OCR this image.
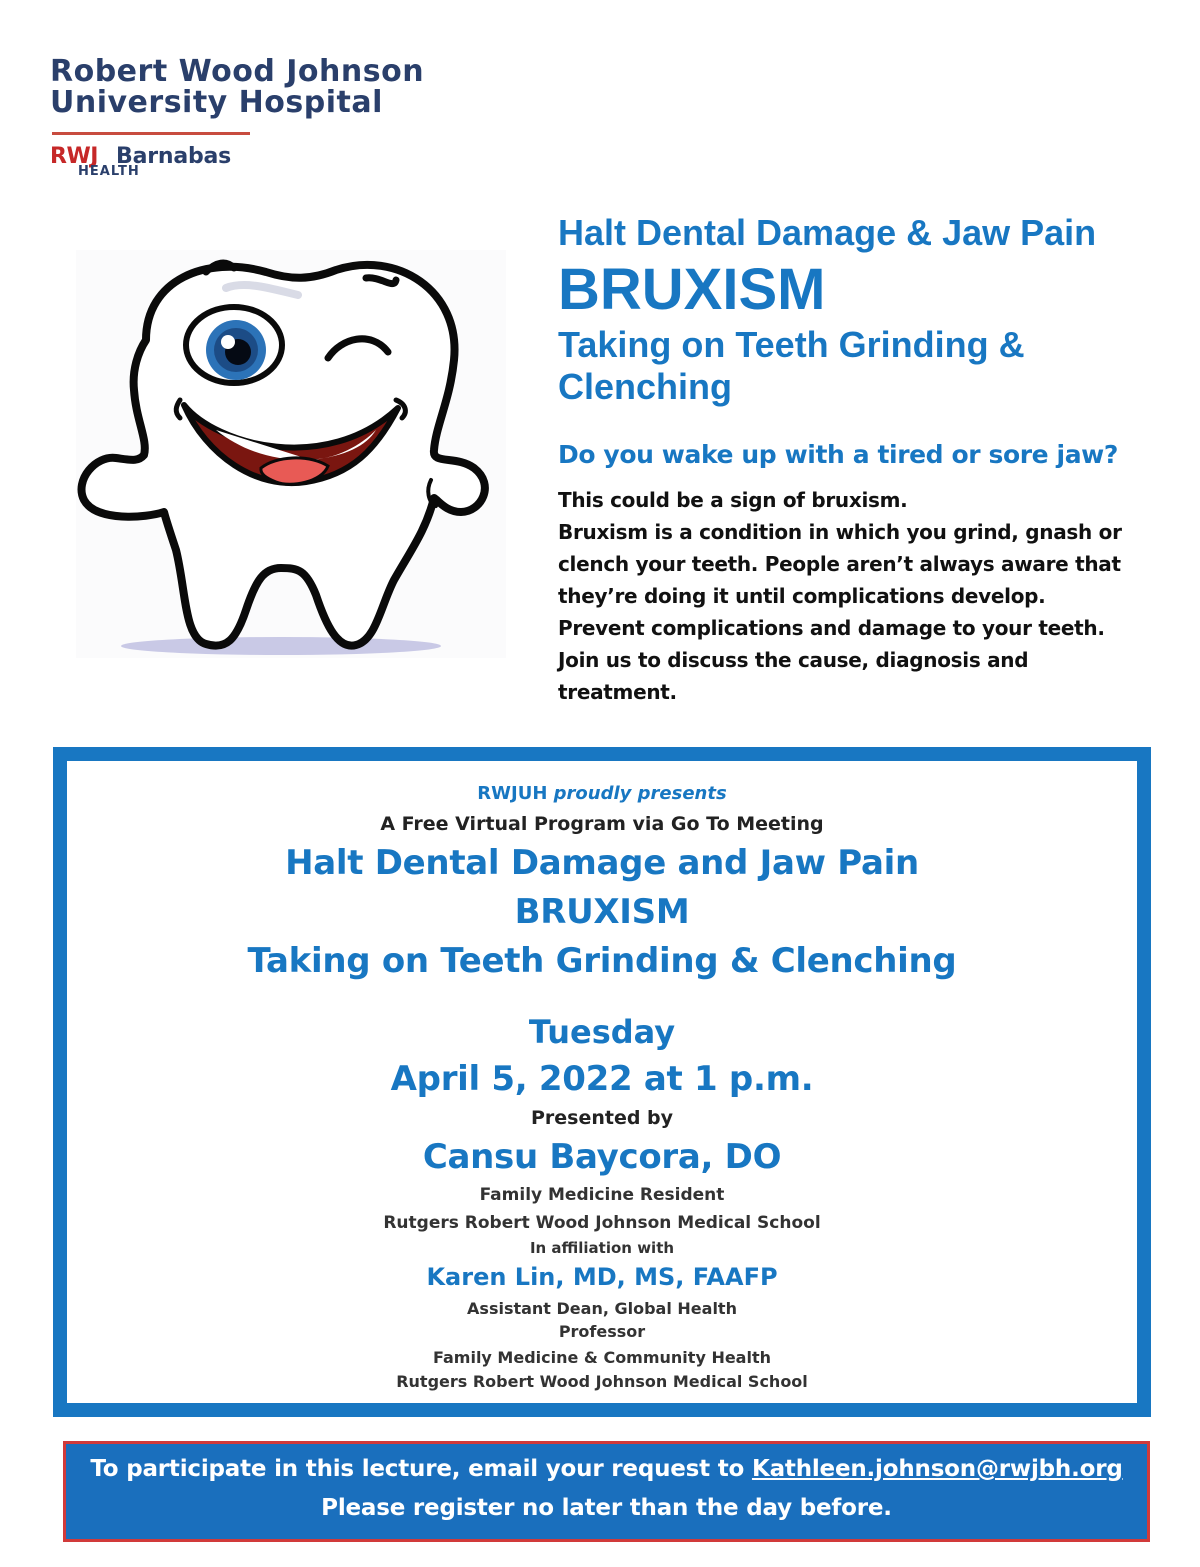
Robert Wood Johnson
University Hospital
RWJ Barnabas
HEALTH
Halt Dental Damage & Jaw Pain
BRUXISM
Taking on Teeth Grinding &
Clenching
Do you wake up with a tired or sore jaw?
This could be a sign of bruxism.
Bruxism is a condition in which you grind, gnash or
clench your teeth. People aren’t always aware that
they’re doing it until complications develop.
Prevent complications and damage to your teeth.
Join us to discuss the cause, diagnosis and
treatment.
RWJUH proudly presents
A Free Virtual Program via Go To Meeting
Halt Dental Damage and Jaw Pain
BRUXISM
Taking on Teeth Grinding & Clenching
Tuesday
April 5, 2022 at 1 p.m.
Presented by
Cansu Baycora, DO
Family Medicine Resident
Rutgers Robert Wood Johnson Medical School
In affiliation with
Karen Lin, MD, MS, FAAFP
Assistant Dean, Global Health
Professor
Family Medicine & Community Health
Rutgers Robert Wood Johnson Medical School
To participate in this lecture, email your request to Kathleen.johnson@rwjbh.org
Please register no later than the day before.
